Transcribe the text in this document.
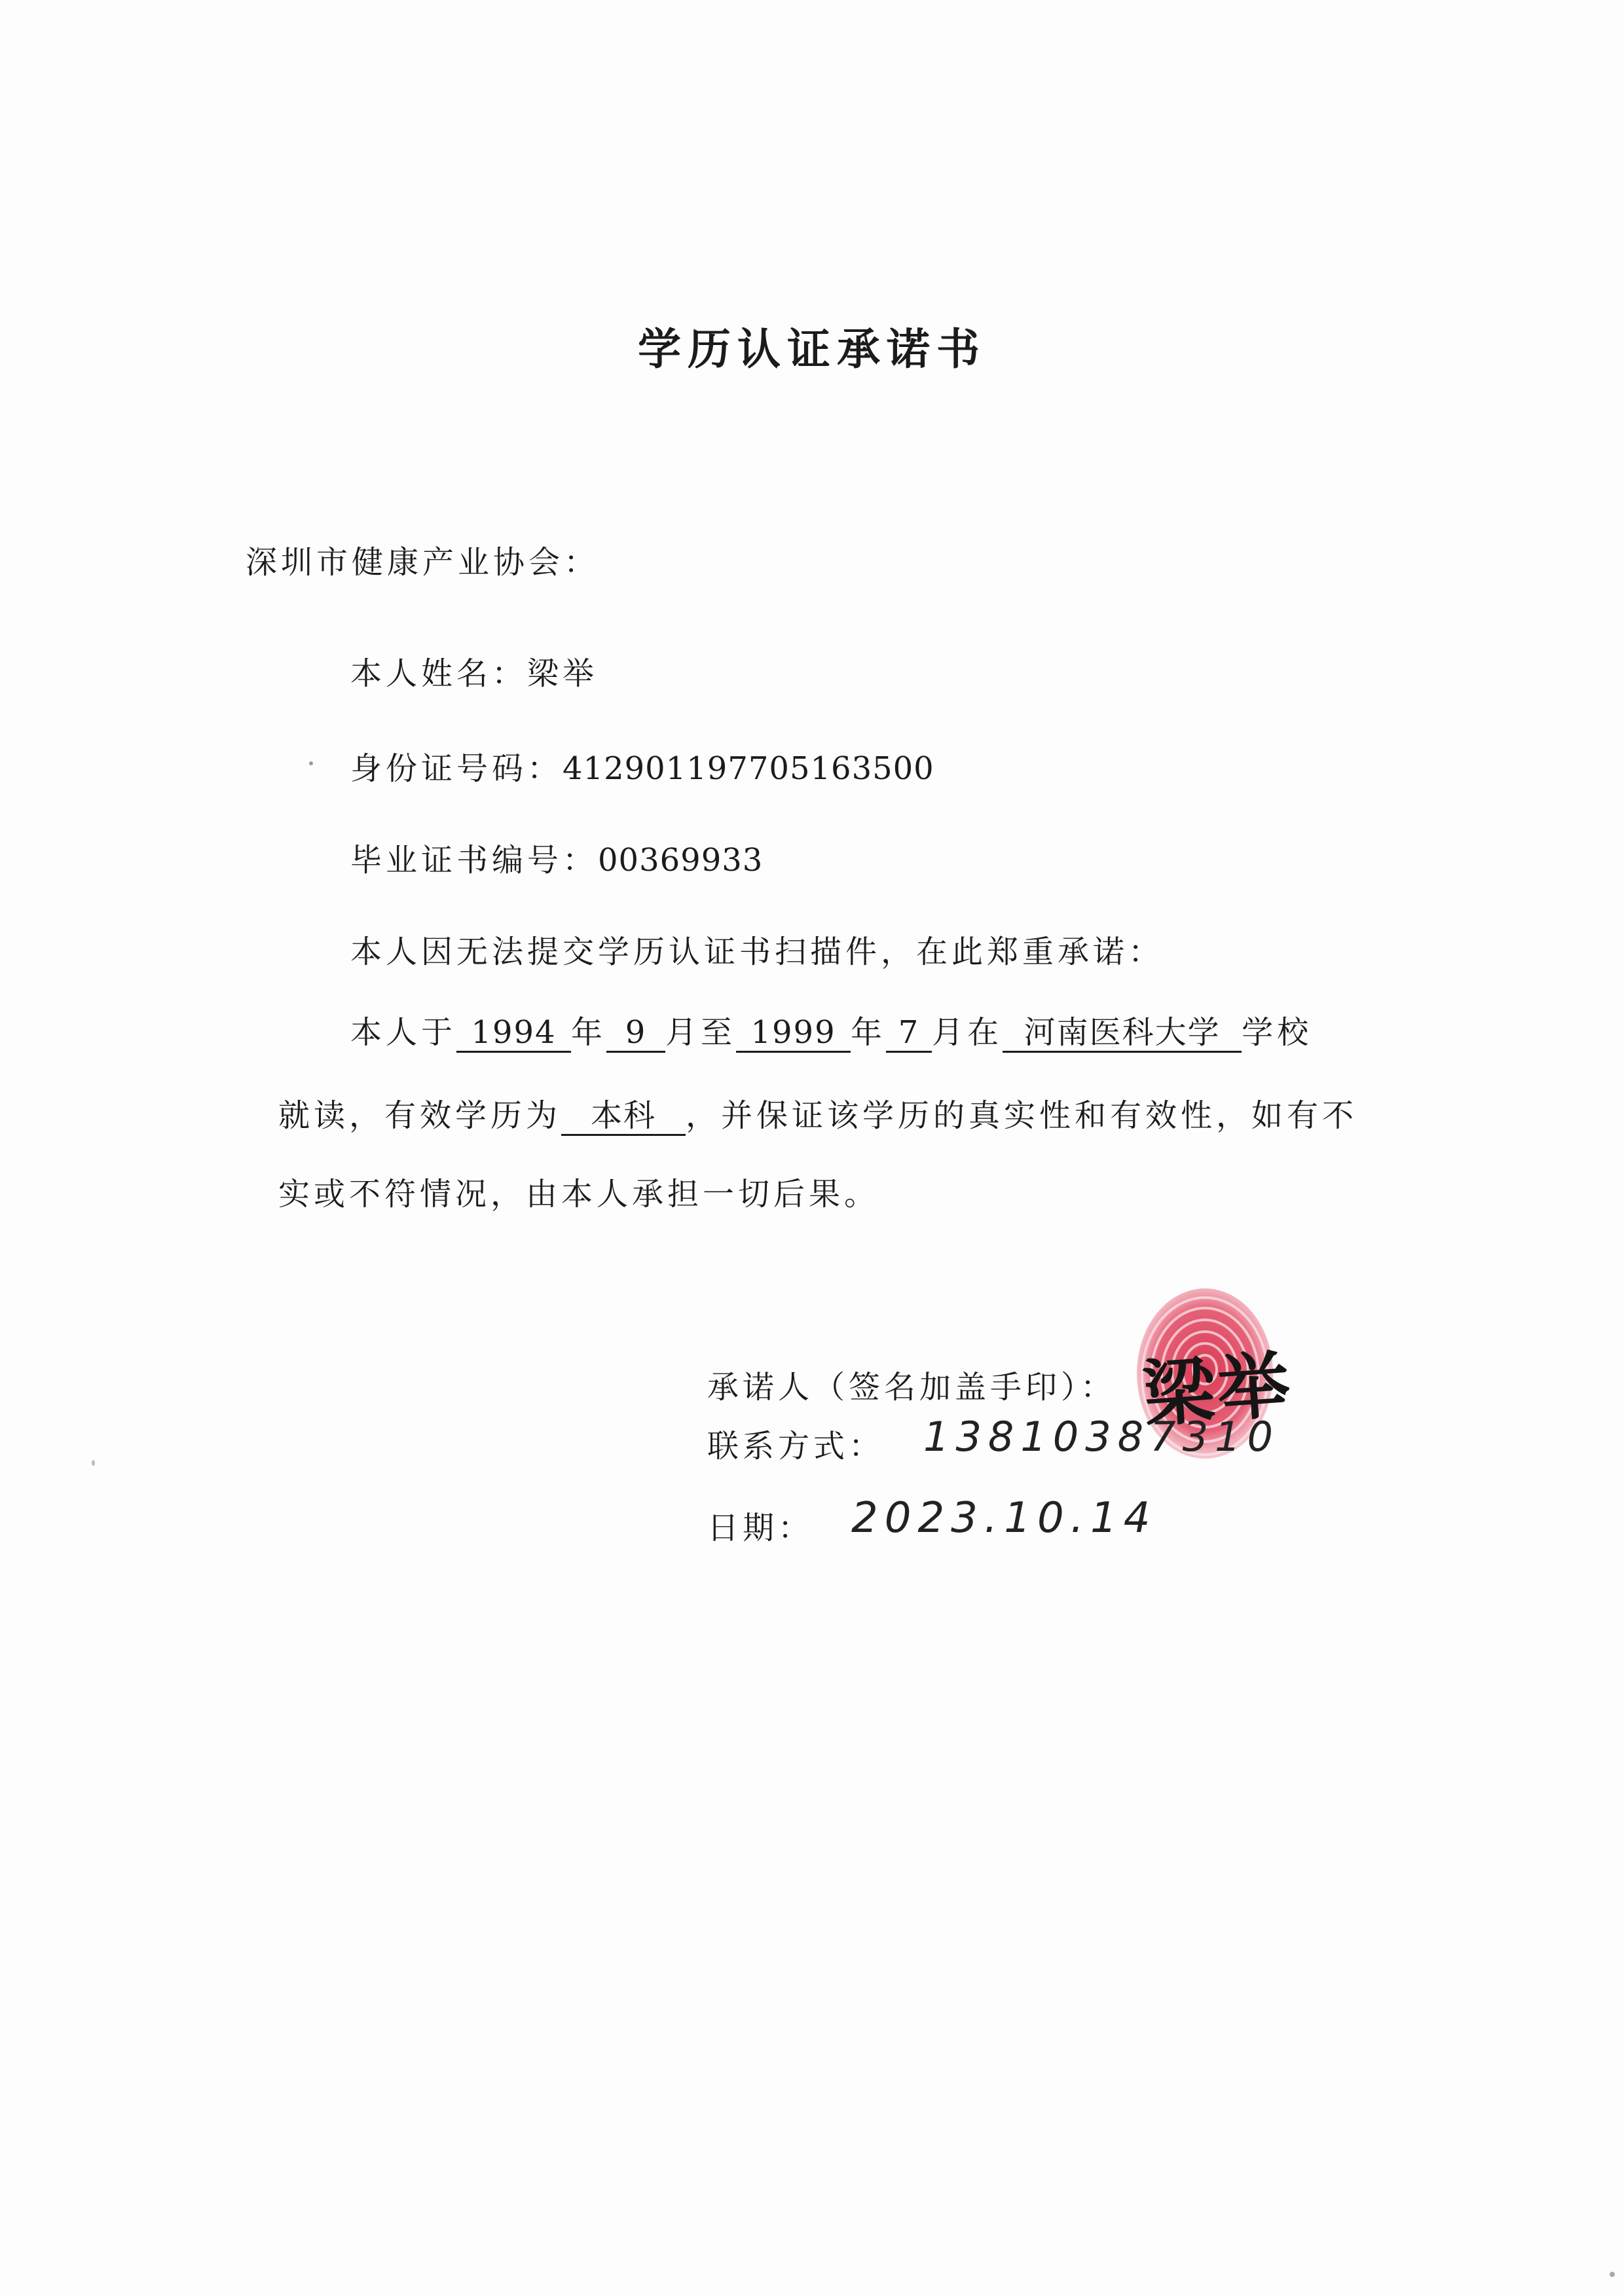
学历认证承诺书
深圳市健康产业协会：
本人姓名：梁举
身份证号码：412901197705163500
毕业证书编号：00369933
本人因无法提交学历认证书扫描件，在此郑重承诺：
本人于 1994 年 9 月至 1999 年 7 月在 河南医科大学 学校
就读，有效学历为 本科 ，并保证该学历的真实性和有效性，如有不
实或不符情况，由本人承担一切后果。
承诺人（签名加盖手印）：
联系方式：
日期：
梁举
13810387310
2023.10.14
